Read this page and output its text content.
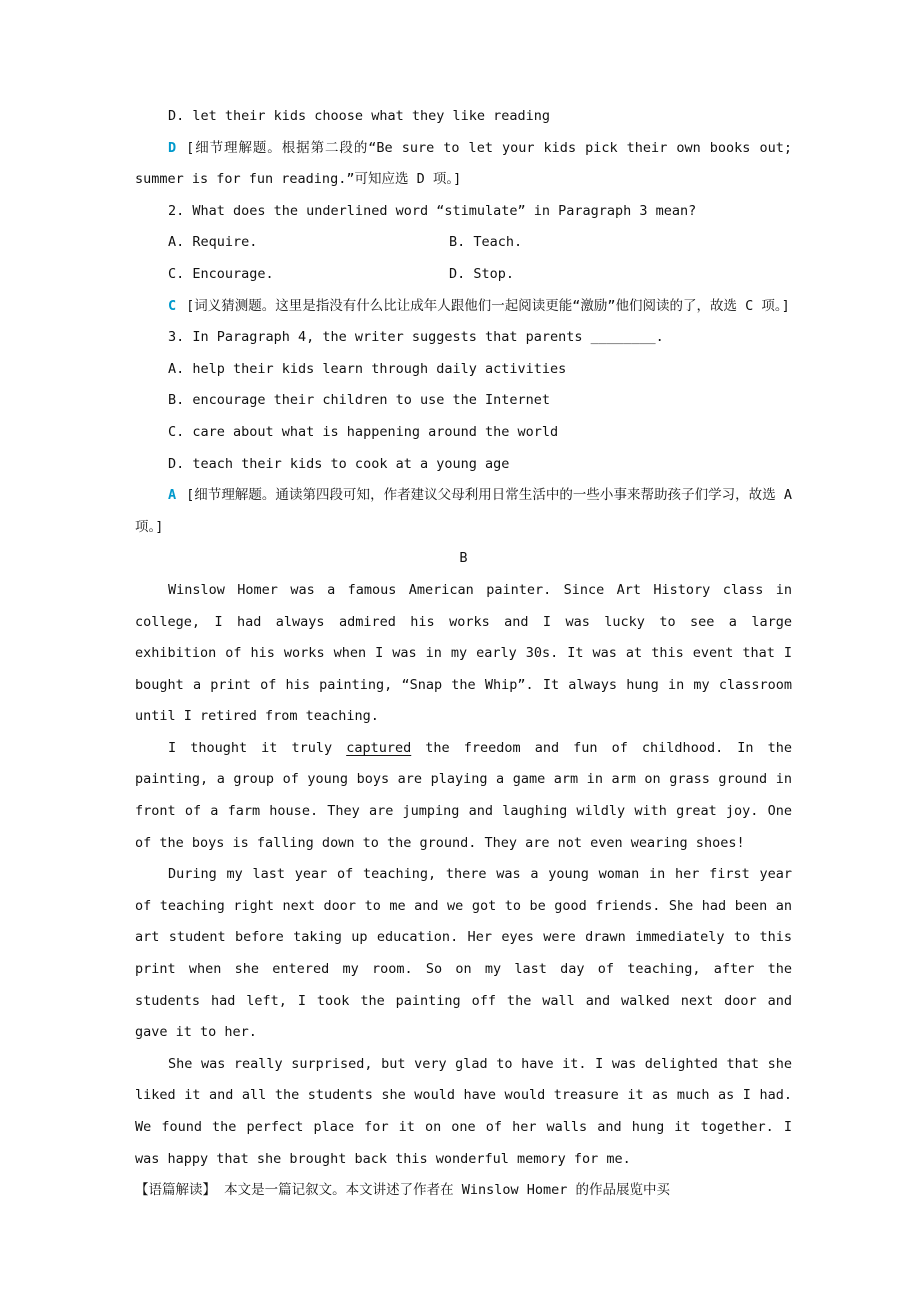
D. let their kids choose what they like reading

D [细节理解题。根据第二段的“Be sure to let your kids pick their own books out; summer is for fun reading.”可知应选 D 项。]

2. What does the underlined word “stimulate” in Paragraph 3 mean?

A. Require.	B. Teach.
C. Encourage.	D. Stop.

C [词义猜测题。这里是指没有什么比让成年人跟他们一起阅读更能“激励”他们阅读的了，故选 C 项。]

3. In Paragraph 4, the writer suggests that parents ________.

A. help their kids learn through daily activities

B. encourage their children to use the Internet

C. care about what is happening around the world

D. teach their kids to cook at a young age

A [细节理解题。通读第四段可知，作者建议父母利用日常生活中的一些小事来帮助孩子们学习，故选 A 项。]

B

Winslow Homer was a famous American painter. Since Art History class in college, I had always admired his works and I was lucky to see a large exhibition of his works when I was in my early 30s. It was at this event that I bought a print of his painting, “Snap the Whip”. It always hung in my classroom until I retired from teaching.

I thought it truly captured the freedom and fun of childhood. In the painting, a group of young boys are playing a game arm in arm on grass ground in front of a farm house. They are jumping and laughing wildly with great joy. One of the boys is falling down to the ground. They are not even wearing shoes!

During my last year of teaching, there was a young woman in her first year of teaching right next door to me and we got to be good friends. She had been an art student before taking up education. Her eyes were drawn immediately to this print when she entered my room. So on my last day of teaching, after the students had left, I took the painting off the wall and walked next door and gave it to her.

She was really surprised, but very glad to have it. I was delighted that she liked it and all the students she would have would treasure it as much as I had. We found the perfect place for it on one of her walls and hung it together. I was happy that she brought back this wonderful memory for me.

【语篇解读】 本文是一篇记叙文。本文讲述了作者在 Winslow Homer 的作品展览中买
